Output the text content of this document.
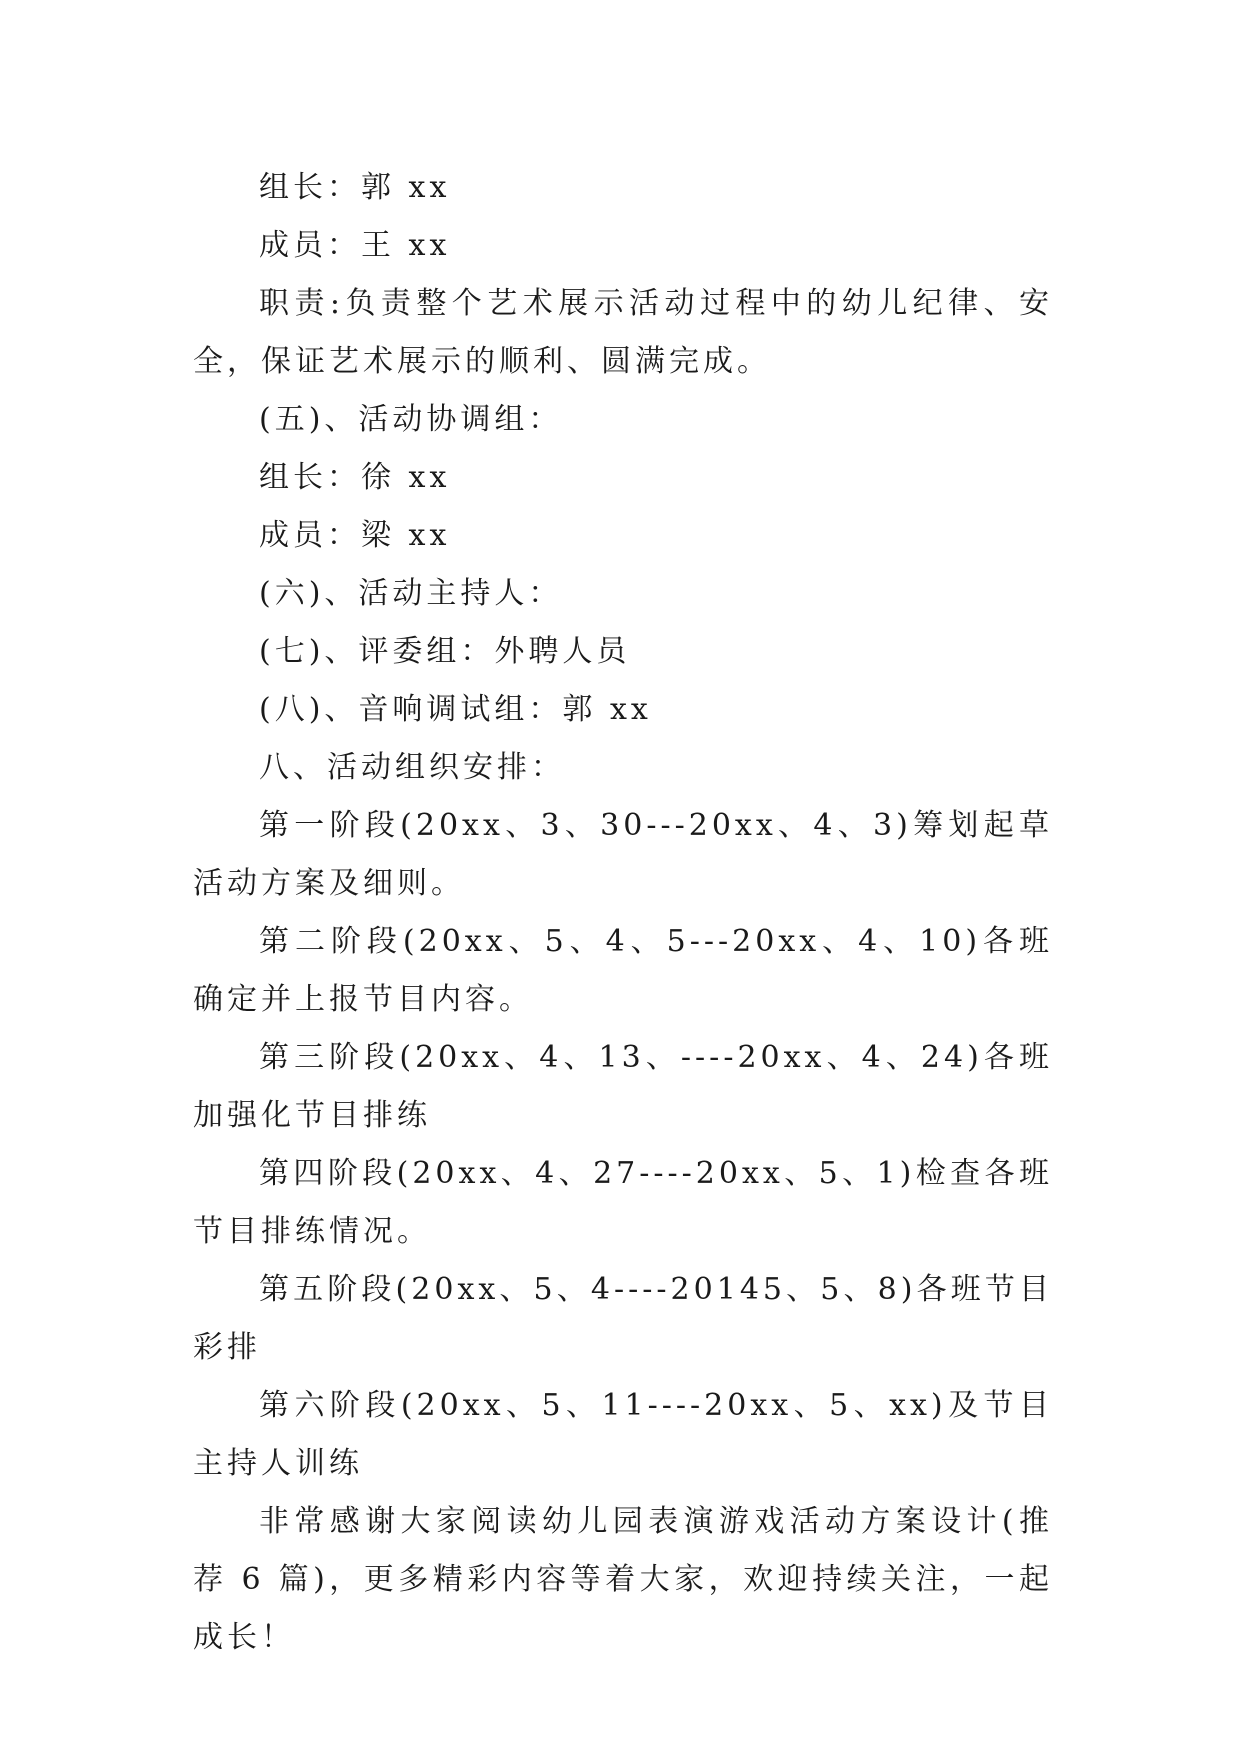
组长：郭 xx

成员：王 xx

职责:负责整个艺术展示活动过程中的幼儿纪律、安全，保证艺术展示的顺利、圆满完成。

(五)、活动协调组：

组长：徐 xx

成员：梁 xx

(六)、活动主持人：

(七)、评委组：外聘人员

(八)、音响调试组：郭 xx

八、活动组织安排：

第一阶段(20xx、3、30---20xx、4、3)筹划起草活动方案及细则。

第二阶段(20xx、5、4、5---20xx、4、10)各班确定并上报节目内容。

第三阶段(20xx、4、13、----20xx、4、24)各班加强化节目排练

第四阶段(20xx、4、27----20xx、5、1)检查各班节目排练情况。

第五阶段(20xx、5、4----20145、5、8)各班节目彩排

第六阶段(20xx、5、11----20xx、5、xx)及节目主持人训练

非常感谢大家阅读幼儿园表演游戏活动方案设计(推荐 6 篇)，更多精彩内容等着大家，欢迎持续关注，一起成长！
